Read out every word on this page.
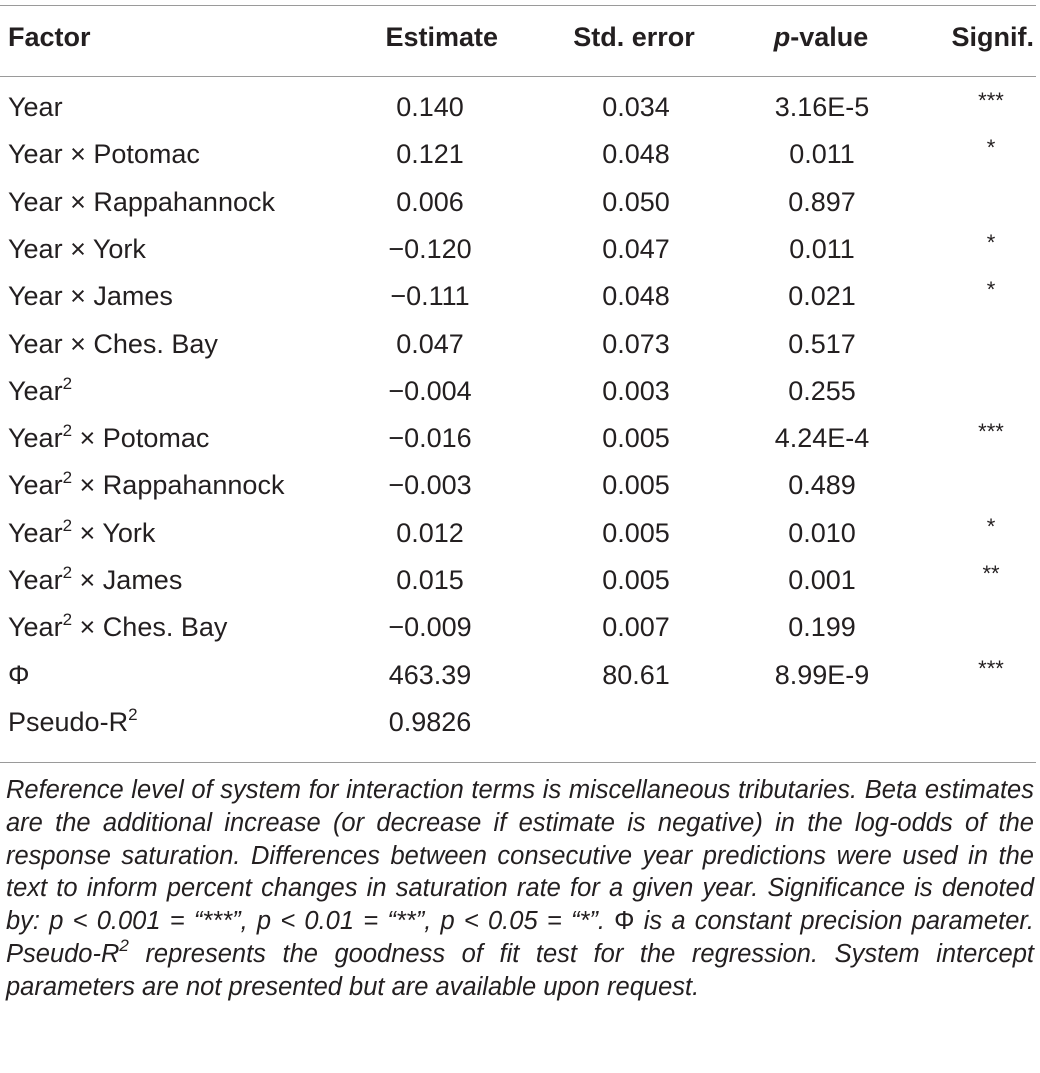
Factor	Estimate	Std. error	p-value	Signif.
Year	0.140	0.034	3.16E-5	***
Year × Potomac	0.121	0.048	0.011	*
Year × Rappahannock	0.006	0.050	0.897
Year × York	−0.120	0.047	0.011	*
Year × James	−0.111	0.048	0.021	*
Year × Ches. Bay	0.047	0.073	0.517
Year$^2$	−0.004	0.003	0.255
Year$^2$ × Potomac	−0.016	0.005	4.24E-4	***
Year$^2$ × Rappahannock	−0.003	0.005	0.489
Year$^2$ × York	0.012	0.005	0.010	*
Year$^2$ × James	0.015	0.005	0.001	**
Year$^2$ × Ches. Bay	−0.009	0.007	0.199
Φ	463.39	80.61	8.99E-9	***
Pseudo-$R^2$	0.9826
Reference level of system for interaction terms is miscellaneous tributaries. Beta estimates are the additional increase (or decrease if estimate is negative) in the log-odds of the response saturation. Differences between consecutive year predictions were used in the text to inform percent changes in saturation rate for a given year. Significance is denoted by: p < 0.001 = “***”, p < 0.01 = “**”, p < 0.05 = “*”. Φ is a constant precision parameter. Pseudo-$R^2$ represents the goodness of fit test for the regression. System intercept parameters are not presented but are available upon request.
